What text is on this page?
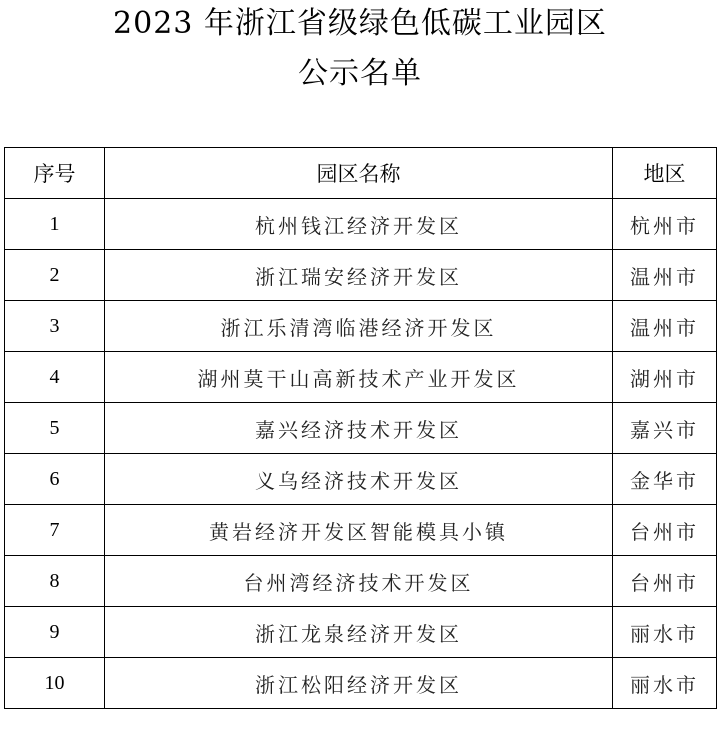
2023 年浙江省级绿色低碳工业园区
公示名单
序号	园区名称	地区
1	杭州钱江经济开发区	杭州市
2	浙江瑞安经济开发区	温州市
3	浙江乐清湾临港经济开发区	温州市
4	湖州莫干山高新技术产业开发区	湖州市
5	嘉兴经济技术开发区	嘉兴市
6	义乌经济技术开发区	金华市
7	黄岩经济开发区智能模具小镇	台州市
8	台州湾经济技术开发区	台州市
9	浙江龙泉经济开发区	丽水市
10	浙江松阳经济开发区	丽水市
